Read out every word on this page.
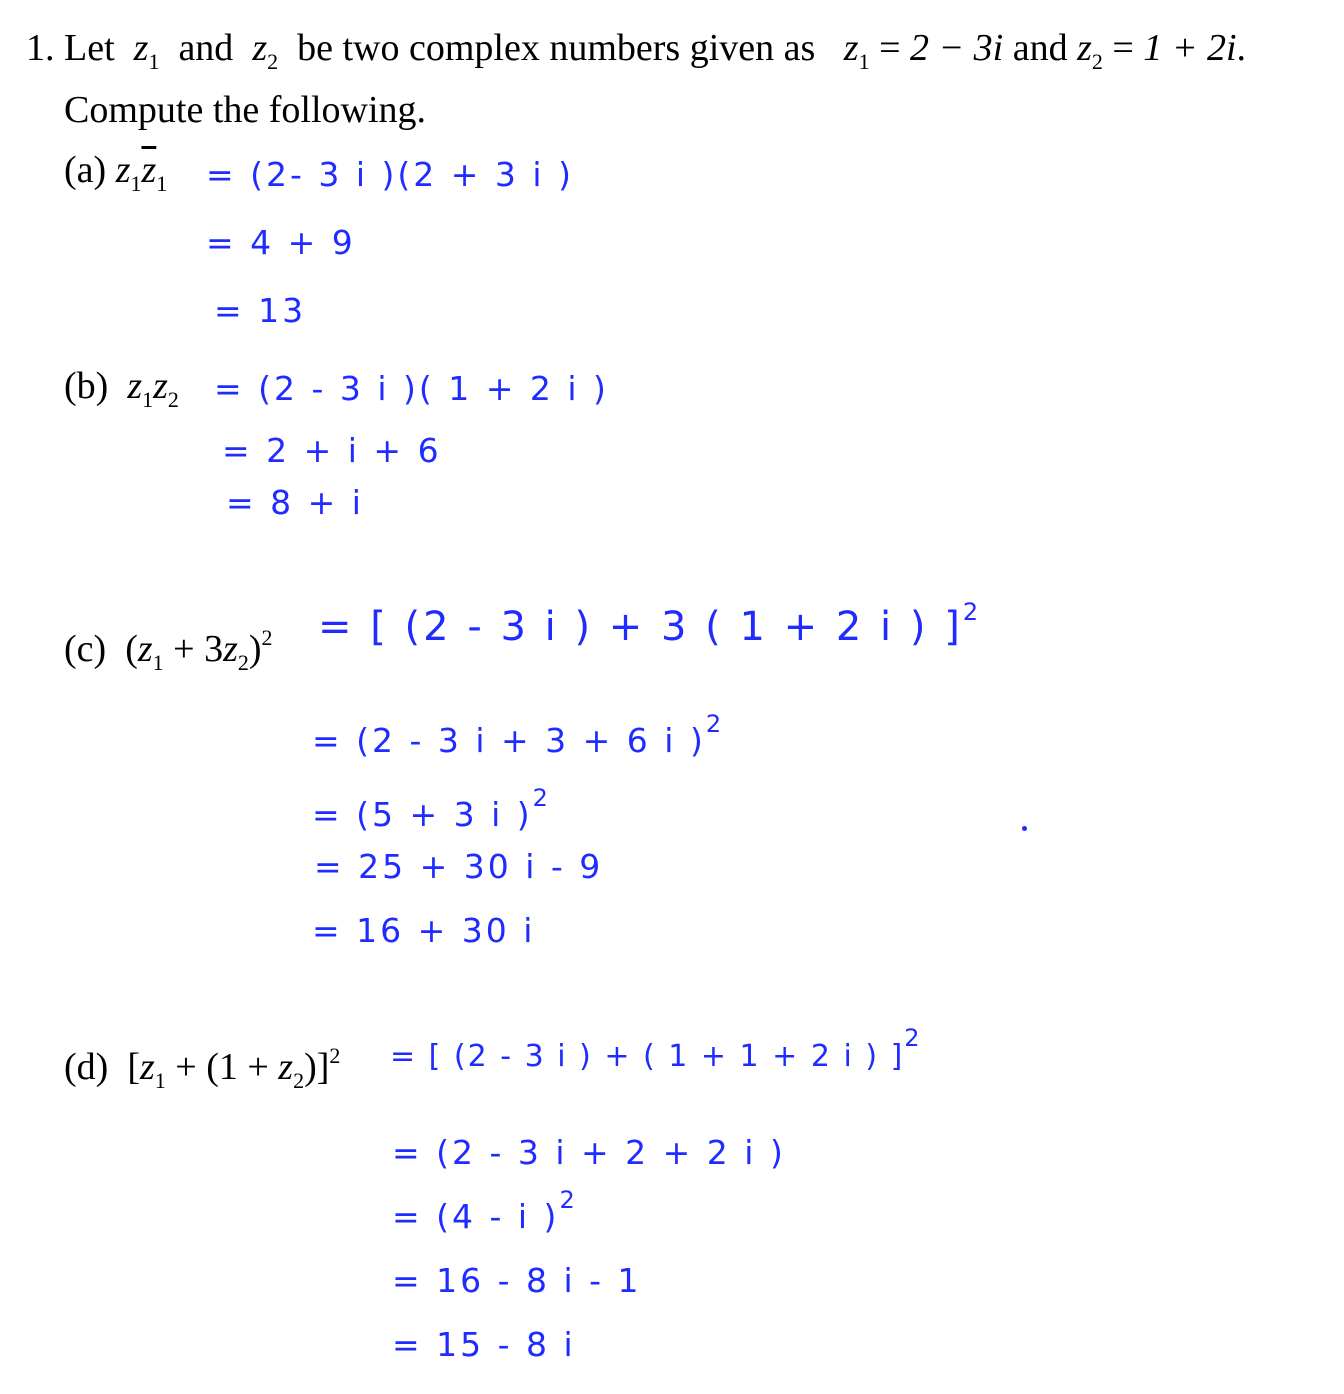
1. Let $z_1$ and $z_2$ be two complex numbers given as $z_1 = 2 - 3i$ and $z_2 = 1 + 2i$.
Compute the following.
(a) $z_1\overline{z}_1 = (2-$ 3 i )(2 + 3 i )
= 4 + 9
= 13
(b) $z_1z_2 = (2 - 3$ i )( 1 + 2 i )
= 2 + i + 6
= 8 + i
(c) $(z_1 + 3z_2)^2$ = [ (2 - 3 i ) + 3 ( 1 + 2 i ) ]$^2$
= (2 - 3 i + 3 + 6 i )$^2$
= (5 + 3 i )$^2$
= 25 + 30 i - 9
= 16 + 30 i
(d)  $[z_1 + (1 + z_2)]^2$ = [ (2 - 3 i ) + ( 1 + 1 + 2 i ) ]$^2$
= (2 - 3 i + 2 + 2 i )
= (4 - i )$^2$
= 16 - 8 i - 1
= 15 - 8 i
